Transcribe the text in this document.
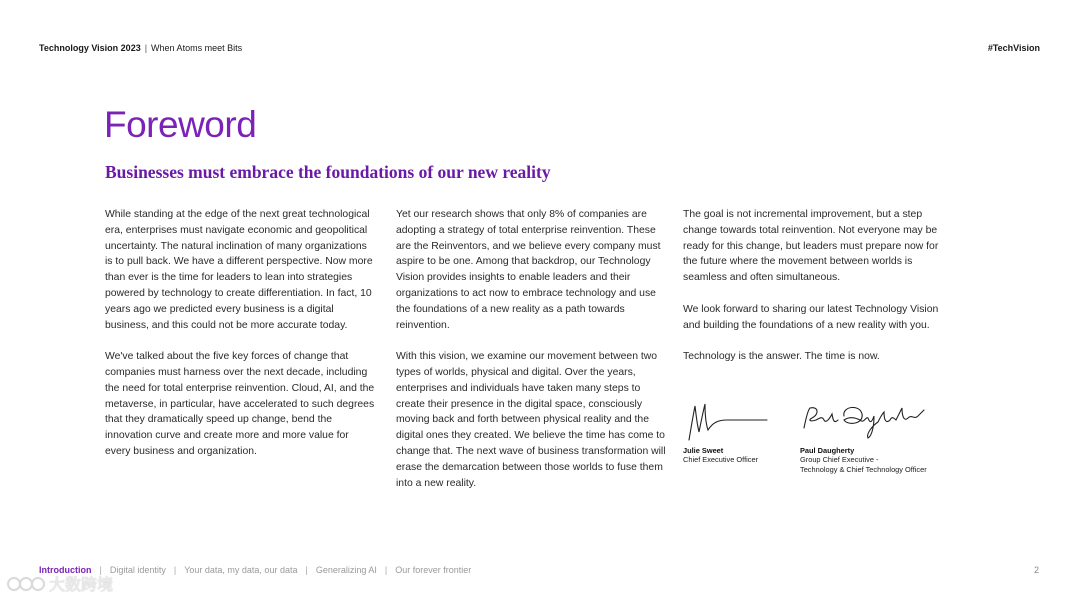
Technology Vision 2023 | When Atoms meet Bits	#TechVision
Foreword
Businesses must embrace the foundations of our new reality

While standing at the edge of the next great technological era, enterprises must navigate economic and geopolitical uncertainty. The natural inclination of many organizations is to pull back. We have a different perspective. Now more than ever is the time for leaders to lean into strategies powered by technology to create differentiation. In fact, 10 years ago we predicted every business is a digital business, and this could not be more accurate today.

We've talked about the five key forces of change that companies must harness over the next decade, including the need for total enterprise reinvention. Cloud, AI, and the metaverse, in particular, have accelerated to such degrees that they dramatically speed up change, bend the innovation curve and create more and more value for every business and organization.

Yet our research shows that only 8% of companies are adopting a strategy of total enterprise reinvention. These are the Reinventors, and we believe every company must aspire to be one. Among that backdrop, our Technology Vision provides insights to enable leaders and their organizations to act now to embrace technology and use the foundations of a new reality as a path towards reinvention.

With this vision, we examine our movement between two types of worlds, physical and digital. Over the years, enterprises and individuals have taken many steps to create their presence in the digital space, consciously moving back and forth between physical reality and the digital ones they created. We believe the time has come to change that. The next wave of business transformation will erase the demarcation between those worlds to fuse them into a new reality.

The goal is not incremental improvement, but a step change towards total reinvention. Not everyone may be ready for this change, but leaders must prepare now for the future where the movement between worlds is seamless and often simultaneous.

We look forward to sharing our latest Technology Vision and building the foundations of a new reality with you.

Technology is the answer. The time is now.

Julie Sweet
Chief Executive Officer
Paul Daugherty
Group Chief Executive -
Technology & Chief Technology Officer
Introduction | Digital identity | Your data, my data, our data | Generalizing AI | Our forever frontier	2
大数跨境
